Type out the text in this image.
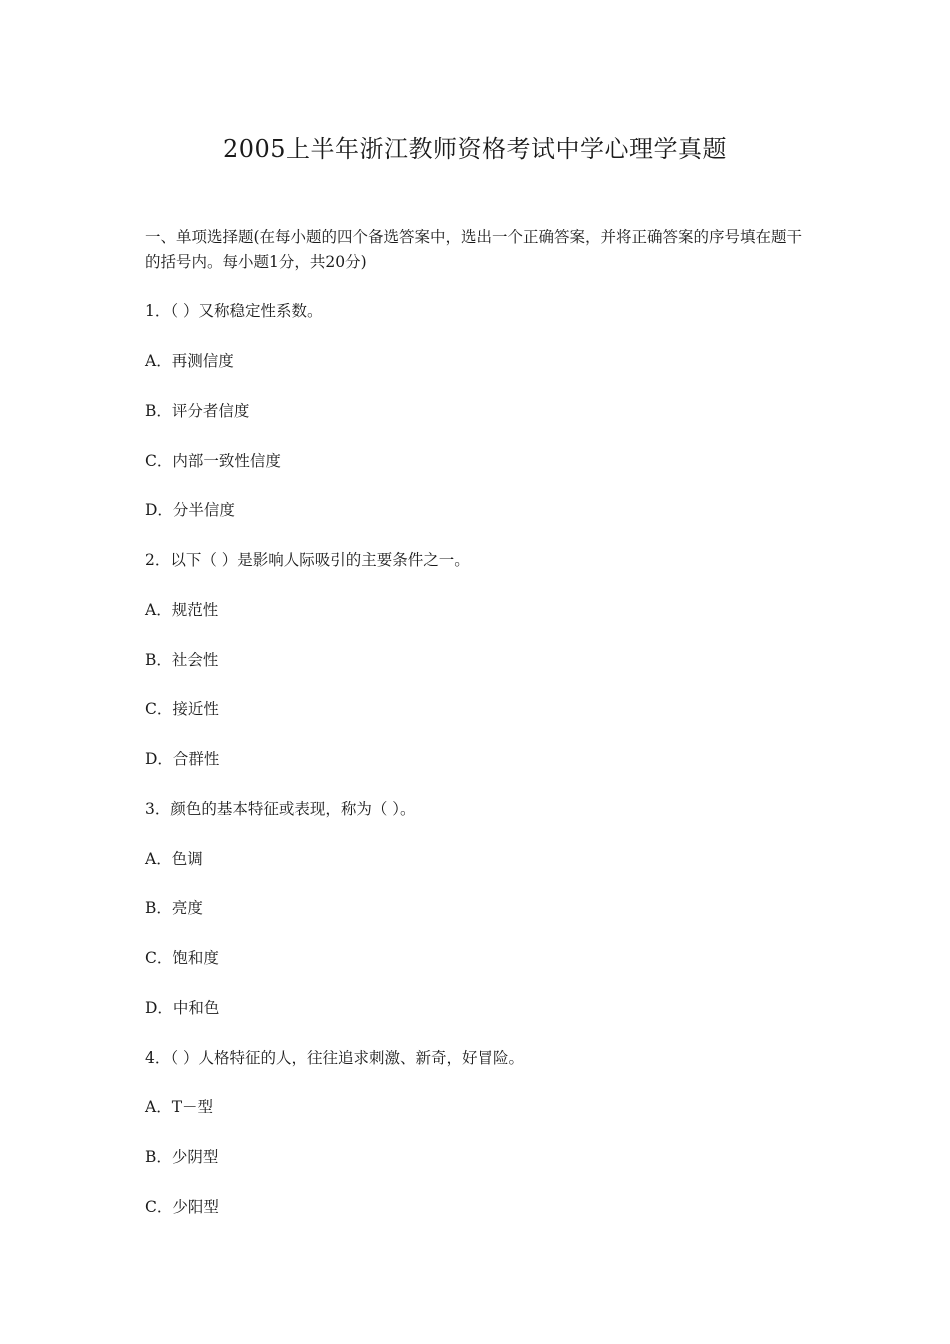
2005上半年浙江教师资格考试中学心理学真题

一、单项选择题(在每小题的四个备选答案中，选出一个正确答案，并将正确答案的序号填在题干的括号内。每小题1分，共20分)

1．（ ）又称稳定性系数。
A．再测信度
B．评分者信度
C．内部一致性信度
D．分半信度
2．以下（ ）是影响人际吸引的主要条件之一。
A．规范性
B．社会性
C．接近性
D．合群性
3．颜色的基本特征或表现，称为（ ）。
A．色调
B．亮度
C．饱和度
D．中和色
4．（ ）人格特征的人，往往追求刺激、新奇，好冒险。
A．T－型
B．少阴型
C．少阳型
